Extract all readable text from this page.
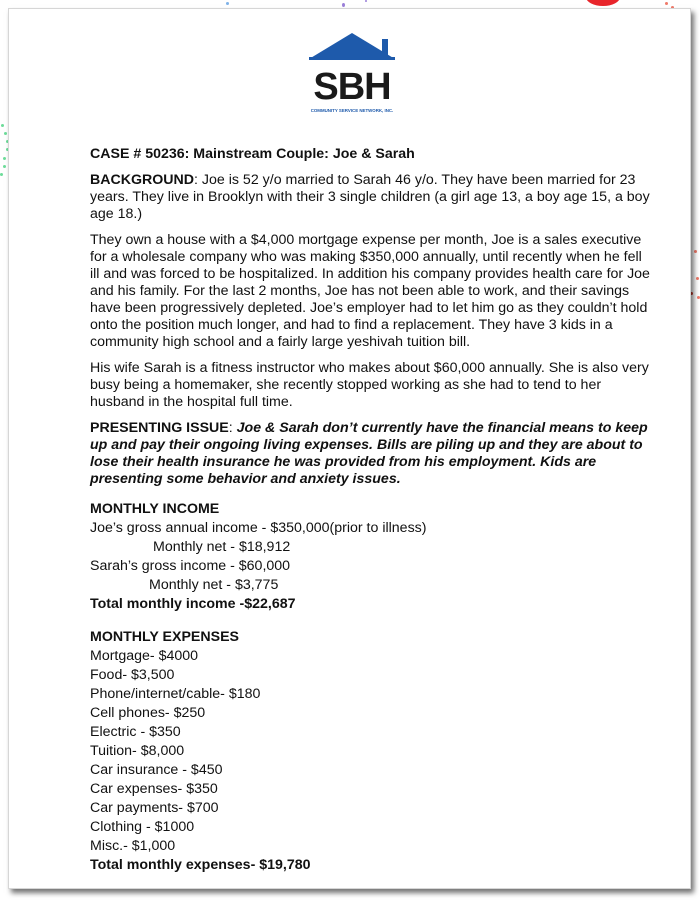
SBH
COMMUNITY SERVICE NETWORK, INC.
CASE # 50236: Mainstream Couple: Joe & Sarah

BACKGROUND: Joe is 52 y/o married to Sarah 46 y/o. They have been married for 23 years. They live in Brooklyn with their 3 single children (a girl age 13, a boy age 15, a boy age 18.)

They own a house with a $4,000 mortgage expense per month, Joe is a sales executive for a wholesale company who was making $350,000 annually, until recently when he fell ill and was forced to be hospitalized. In addition his company provides health care for Joe and his family. For the last 2 months, Joe has not been able to work, and their savings have been progressively depleted. Joe’s employer had to let him go as they couldn’t hold onto the position much longer, and had to find a replacement. They have 3 kids in a community high school and a fairly large yeshivah tuition bill.

His wife Sarah is a fitness instructor who makes about $60,000 annually. She is also very busy being a homemaker, she recently stopped working as she had to tend to her husband in the hospital full time.

PRESENTING ISSUE: Joe & Sarah don’t currently have the financial means to keep up and pay their ongoing living expenses. Bills are piling up and they are about to lose their health insurance he was provided from his employment. Kids are presenting some behavior and anxiety issues.

MONTHLY INCOME
Joe’s gross annual income - $350,000(prior to illness)
Monthly net - $18,912
Sarah’s gross income - $60,000
Monthly net - $3,775
Total monthly income -$22,687
MONTHLY EXPENSES
Mortgage- $4000
Food- $3,500
Phone/internet/cable- $180
Cell phones- $250
Electric - $350
Tuition- $8,000
Car insurance - $450
Car expenses- $350
Car payments- $700
Clothing - $1000
Misc.- $1,000
Total monthly expenses- $19,780
